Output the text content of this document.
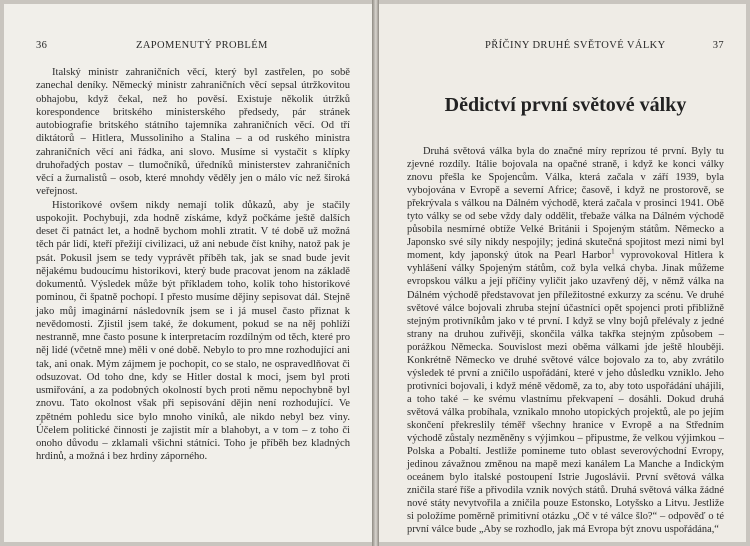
36	ZAPOMENUTÝ PROBLÉM

Italský ministr zahraničních věcí, který byl zastřelen, po sobě zanechal deníky. Německý ministr zahraničních věcí sepsal útržkovitou obhajobu, když čekal, než ho pověsí. Existuje několik útržků korespondence britského ministerského předsedy, pár stránek autobiografie britského státního tajemníka zahraničních věcí. Od tří diktátorů – Hitlera, Mussoliniho a Stalina – a od ruského ministra zahraničních věcí ani řádka, ani slovo. Musíme si vystačit s klípky druhořadých postav – tlumočníků, úředníků ministerstev zahraničních věcí a žurnalistů – osob, které mnohdy věděly jen o málo víc než široká veřejnost.

Historikové ovšem nikdy nemají tolik důkazů, aby je stačily uspokojit. Pochybuji, zda hodně získáme, když počkáme ještě dalších deset či patnáct let, a hodně bychom mohli ztratit. V té době už možná těch pár lidí, kteří přežijí civilizaci, už ani nebude číst knihy, natož pak je psát. Pokusil jsem se tedy vyprávět příběh tak, jak se snad bude jevit nějakému budoucímu historikovi, který bude pracovat jenom na základě dokumentů. Výsledek může být příkladem toho, kolik toho historikové pominou, či špatně pochopí. I přesto musíme dějiny sepisovat dál. Stejně jako můj imaginární následovník jsem se i já musel často přiznat k nevědomosti. Zjistil jsem také, že dokument, pokud se na něj pohlíží nestranně, mne často posune k interpretacím rozdílným od těch, které pro něj lidé (včetně mne) měli v oné době. Nebylo to pro mne rozhodující ani tak, ani onak. Mým zájmem je pochopit, co se stalo, ne ospravedlňovat či odsuzovat. Od toho dne, kdy se Hitler dostal k moci, jsem byl proti usmiřování, a za podobných okolností bych proti němu nepochybně byl znovu. Tato okolnost však při sepisování dějin není rozhodující. Ve zpětném pohledu sice bylo mnoho viníků, ale nikdo nebyl bez viny. Účelem politické činnosti je zajistit mír a blahobyt, a v tom – z toho či onoho důvodu – zklamali všichni státníci. Toho je příběh bez kladných hrdinů, a možná i bez hrdiny záporného.

PŘÍČINY DRUHÉ SVĚTOVÉ VÁLKY	37
Dědictví první světové války

Druhá světová válka byla do značné míry reprízou té první. Byly tu zjevné rozdíly. Itálie bojovala na opačné straně, i když ke konci války znovu přešla ke Spojencům. Válka, která začala v září 1939, byla vybojována v Evropě a severní Africe; časově, i když ne prostorově, se překrývala s válkou na Dálném východě, která začala v prosinci 1941. Obě tyto války se od sebe vždy daly oddělit, třebaže válka na Dálném východě působila nesmírné obtíže Velké Británii i Spojeným státům. Německo a Japonsko své síly nikdy nespojily; jediná skutečná spojitost mezi nimi byl moment, kdy japonský útok na Pearl Harbor$^1$ vyprovokoval Hitlera k vyhlášení války Spojeným státům, což byla velká chyba. Jinak můžeme evropskou válku a její příčiny vyličit jako uzavřený děj, v němž válka na Dálném východě představovat jen příležitostné exkurzy za scénu. Ve druhé světové válce bojovali zhruba stejní účastníci opět spojenci proti přibližně stejným protivníkům jako v té první. I když se vlny bojů přelévaly z jedné strany na druhou zuřivěji, skončila válka takřka stejným způsobem – porážkou Německa. Souvislost mezi oběma válkami jde ještě hlouběji. Konkrétně Německo ve druhé světové válce bojovalo za to, aby zvrátilo výsledek té první a zničilo uspořádání, které v jeho důsledku vzniklo. Jeho protivníci bojovali, i když méně vědomě, za to, aby toto uspořádání uhájili, a toho také – ke svému vlastnímu překvapení – dosáhli. Dokud druhá světová válka probíhala, vznikalo mnoho utopických projektů, ale po jejím skončení překreslily téměř všechny hranice v Evropě a na Středním východě zůstaly nezměněny s výjimkou – připustme, že velkou výjimkou – Polska a Pobaltí. Jestliže pomineme tuto oblast severovýchodní Evropy, jedinou závažnou změnou na mapě mezi kanálem La Manche a Indickým oceánem bylo italské postoupení Istrie Jugoslávii. První světová válka zničila staré říše a přivodila vznik nových států. Druhá světová válka žádné nové státy nevytvořila a zničila pouze Estonsko, Lotyšsko a Litvu. Jestliže si položíme poměrně primitivní otázku „Oč v té válce šlo?“ – odpověď o té první válce bude „Aby se rozhodlo, jak má Evropa být znovu uspořádána,“
